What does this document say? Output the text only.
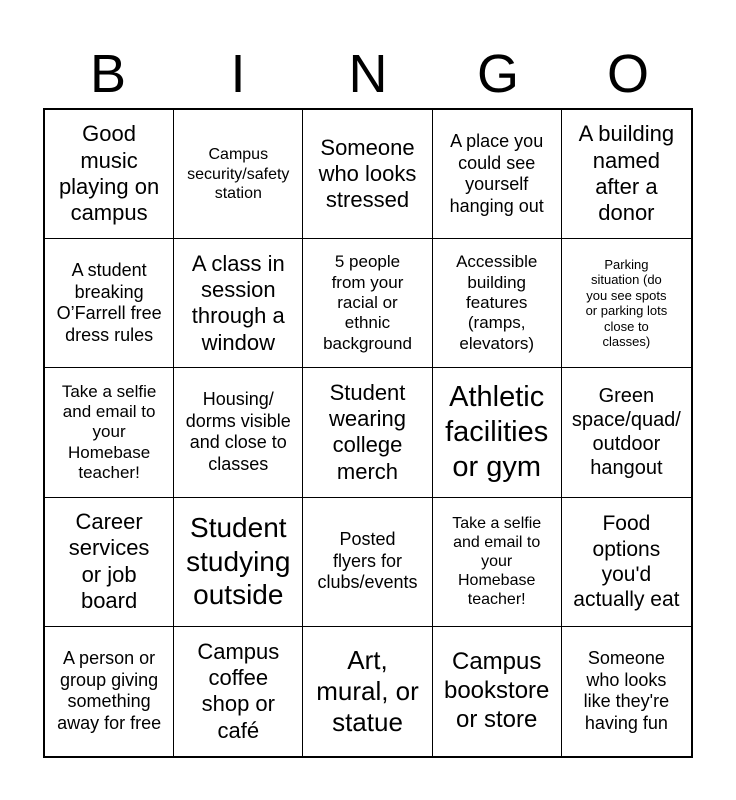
B	I	N	G	O
Good
music
playing on
campus
Campus
security/safety
station
Someone
who looks
stressed
A place you
could see
yourself
hanging out
A building
named
after a
donor
A student
breaking
O’Farrell free
dress rules
A class in
session
through a
window
5 people
from your
racial or
ethnic
background
Accessible
building
features
(ramps,
elevators)
Parking
situation (do
you see spots
or parking lots
close to
classes)
Take a selfie
and email to
your
Homebase
teacher!
Housing/
dorms visible
and close to
classes
Student
wearing
college
merch
Athletic
facilities
or gym
Green
space/quad/
outdoor
hangout
Career
services
or job
board
Student
studying
outside
Posted
flyers for
clubs/events
Take a selfie
and email to
your
Homebase
teacher!
Food
options
you'd
actually eat
A person or
group giving
something
away for free
Campus
coffee
shop or
café
Art,
mural, or
statue
Campus
bookstore
or store
Someone
who looks
like they're
having fun
